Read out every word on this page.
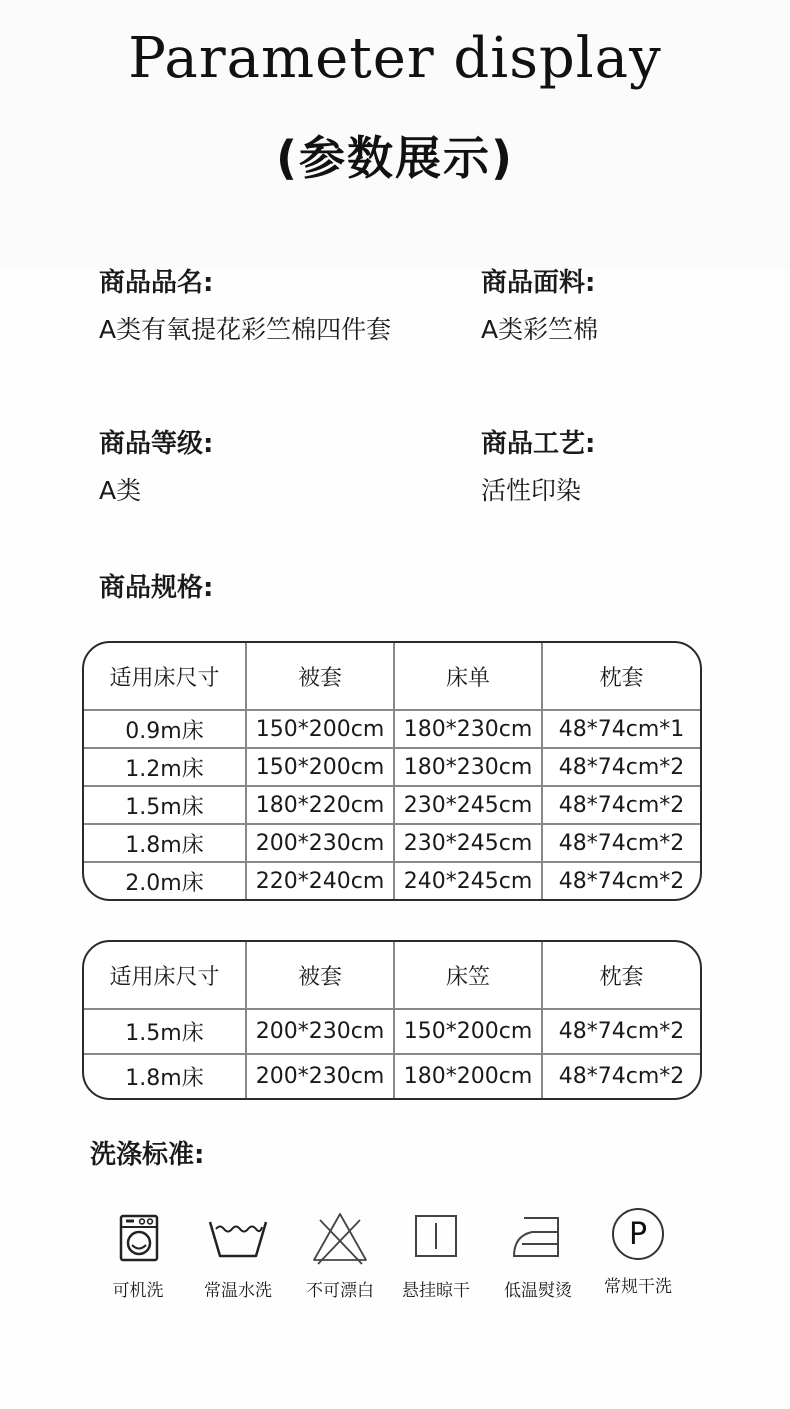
Parameter display
(参数展示)
商品品名:
A类有氧提花彩竺棉四件套
商品面料:
A类彩竺棉
商品等级:
A类
商品工艺:
活性印染
商品规格:
适用床尺寸	被套	床单	枕套
0.9m床	150*200cm	180*230cm	48*74cm*1
1.2m床	150*200cm	180*230cm	48*74cm*2
1.5m床	180*220cm	230*245cm	48*74cm*2
1.8m床	200*230cm	230*245cm	48*74cm*2
2.0m床	220*240cm	240*245cm	48*74cm*2
适用床尺寸	被套	床笠	枕套
1.5m床	200*230cm	150*200cm	48*74cm*2
1.8m床	200*230cm	180*200cm	48*74cm*2
洗涤标准:
可机洗	常温水洗	不可漂白	悬挂晾干	低温熨烫
P
常规干洗
